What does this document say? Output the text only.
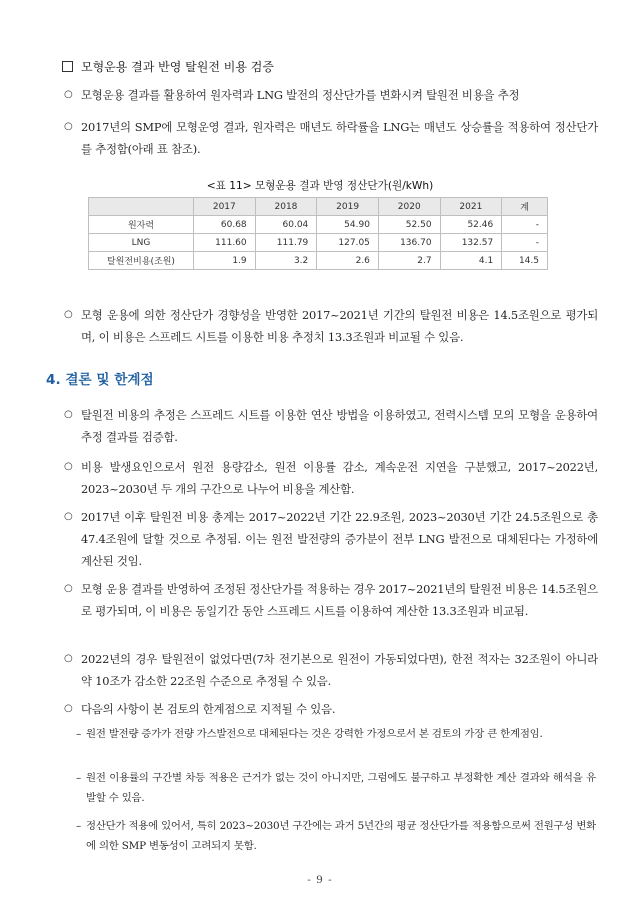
모형운용 결과 반영 탈원전 비용 검증
○ 모형운용 결과를 활용하여 원자력과 LNG 발전의 정산단가를 변화시켜 탈원전 비용을 추정
○ 2017년의 SMP에 모형운영 결과, 원자력은 매년도 하락률을 LNG는 매년도 상승률을 적용하여 정산단가를 추정함(아래 표 참조).
<표 11> 모형운용 결과 반영 정산단가(원/kWh)
	2017	2018	2019	2020	2021	계
원자력	60.68	60.04	54.90	52.50	52.46	-
LNG	111.60	111.79	127.05	136.70	132.57	-
탈원전비용(조원)	1.9	3.2	2.6	2.7	4.1	14.5
○ 모형 운용에 의한 정산단가 경향성을 반영한 2017~2021년 기간의 탈원전 비용은 14.5조원으로 평가되며, 이 비용은 스프레드 시트를 이용한 비용 추정치 13.3조원과 비교될 수 있음.
4. 결론 및 한계점
○ 탈원전 비용의 추정은 스프레드 시트를 이용한 연산 방법을 이용하였고, 전력시스템 모의 모형을 운용하여 추정 결과를 검증함.
○ 비용 발생요인으로서 원전 용량감소, 원전 이용률 감소, 계속운전 지연을 구분했고, 2017~2022년, 2023~2030년 두 개의 구간으로 나누어 비용을 계산함.
○ 2017년 이후 탈원전 비용 총계는 2017~2022년 기간 22.9조원, 2023~2030년 기간 24.5조원으로 총 47.4조원에 달할 것으로 추정됨. 이는 원전 발전량의 증가분이 전부 LNG 발전으로 대체된다는 가정하에 계산된 것임.
○ 모형 운용 결과를 반영하여 조정된 정산단가를 적용하는 경우 2017~2021년의 탈원전 비용은 14.5조원으로 평가되며, 이 비용은 동일기간 동안 스프레드 시트를 이용하여 계산한 13.3조원과 비교됨.
○ 2022년의 경우 탈원전이 없었다면(7차 전기본으로 원전이 가동되었다면), 한전 적자는 32조원이 아니라 약 10조가 감소한 22조원 수준으로 추정될 수 있음.
○ 다음의 사항이 본 검토의 한계점으로 지적될 수 있음.
– 원전 발전량 증가가 전량 가스발전으로 대체된다는 것은 강력한 가정으로서 본 검토의 가장 큰 한계점임.
– 원전 이용률의 구간별 차등 적용은 근거가 없는 것이 아니지만, 그럼에도 불구하고 부정확한 계산 결과와 해석을 유발할 수 있음.
– 정산단가 적용에 있어서, 특히 2023~2030년 구간에는 과거 5년간의 평균 정산단가를 적용함으로써 전원구성 변화에 의한 SMP 변동성이 고려되지 못함.
- 9 -
